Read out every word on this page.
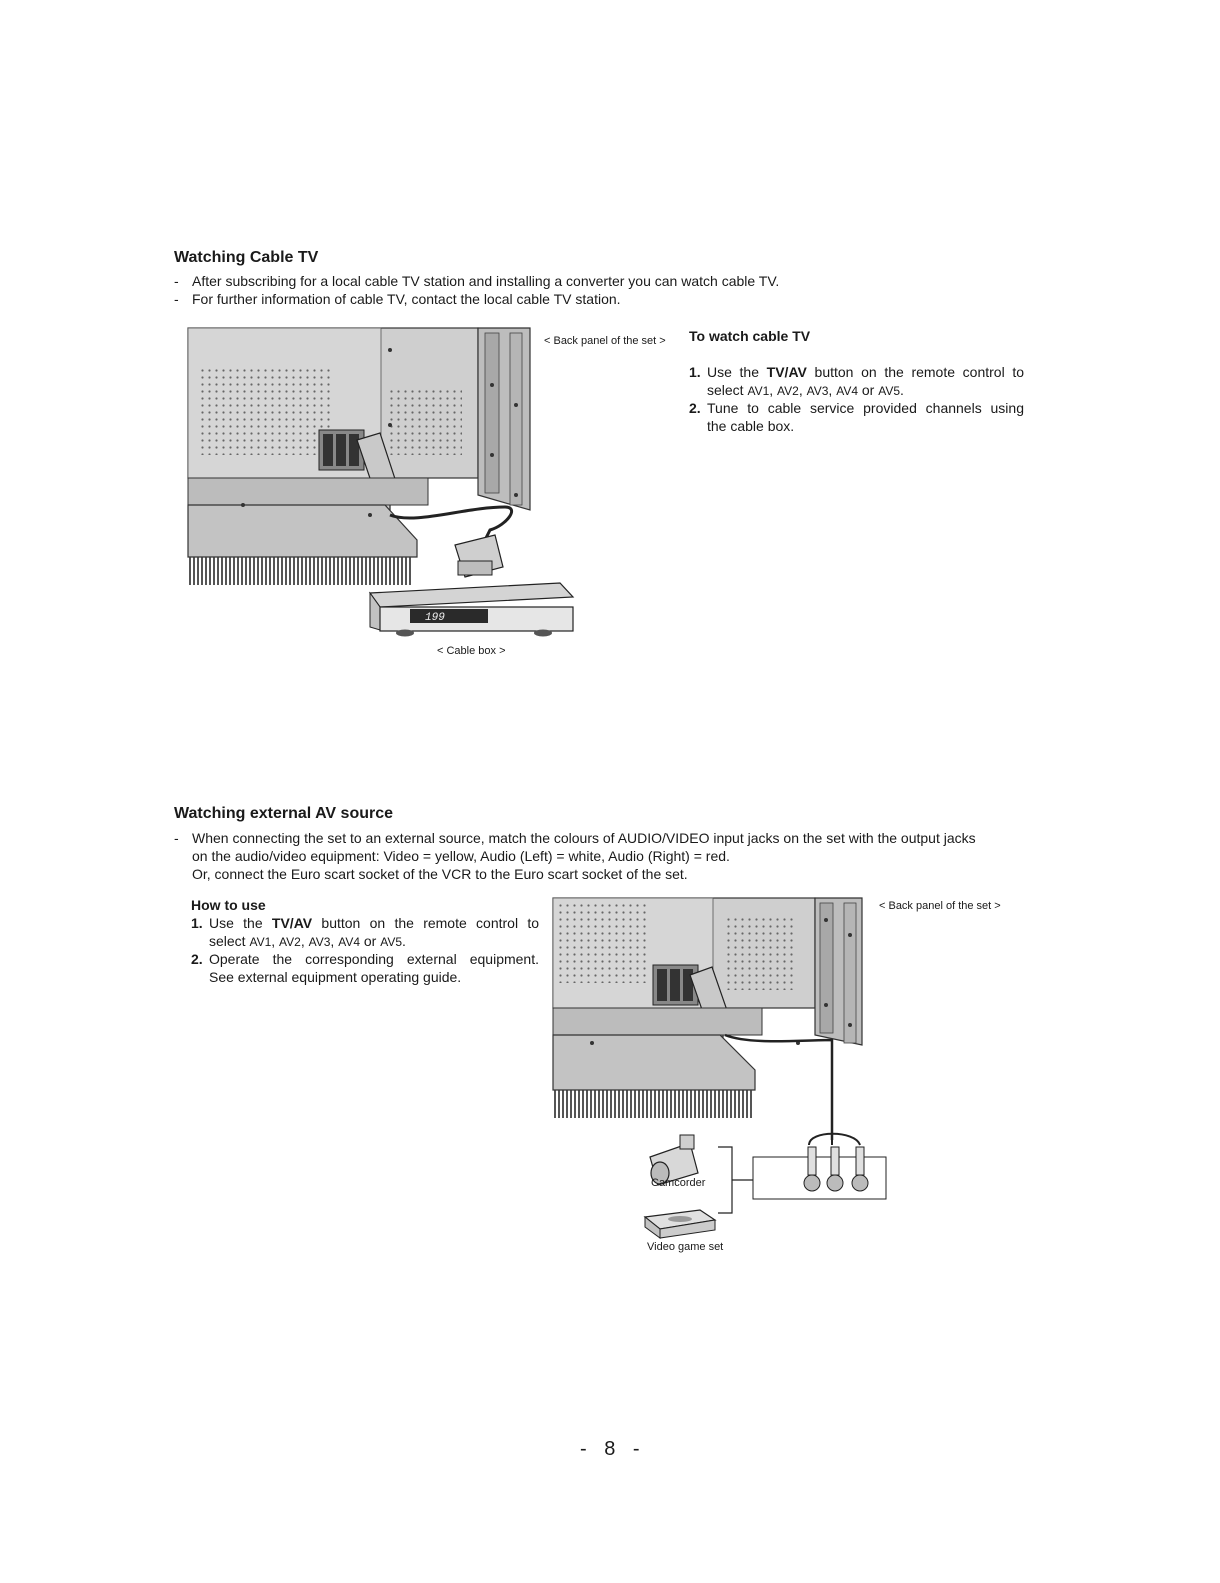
Watching Cable TV
- After subscribing for a local cable TV station and installing a converter you can watch cable TV.
- For further information of cable TV, contact the local cable TV station.
199
< Back panel of the set >
< Cable box >
To watch cable TV
1. Use the TV/AV button on the remote control to
select AV1, AV2, AV3, AV4 or AV5.
2. Tune to cable service provided channels using
the cable box.
Watching external AV source
- When connecting the set to an external source, match the colours of AUDIO/VIDEO input jacks on the set with the output jacks
on the audio/video equipment: Video = yellow, Audio (Left) = white, Audio (Right) = red.
Or, connect the Euro scart socket of the VCR to the Euro scart socket of the set.
How to use
1. Use the TV/AV button on the remote control to
select AV1, AV2, AV3, AV4 or AV5.
2. Operate the corresponding external equipment.
See external equipment operating guide.
< Back panel of the set >
Camcorder
Video game set
- 8 -
